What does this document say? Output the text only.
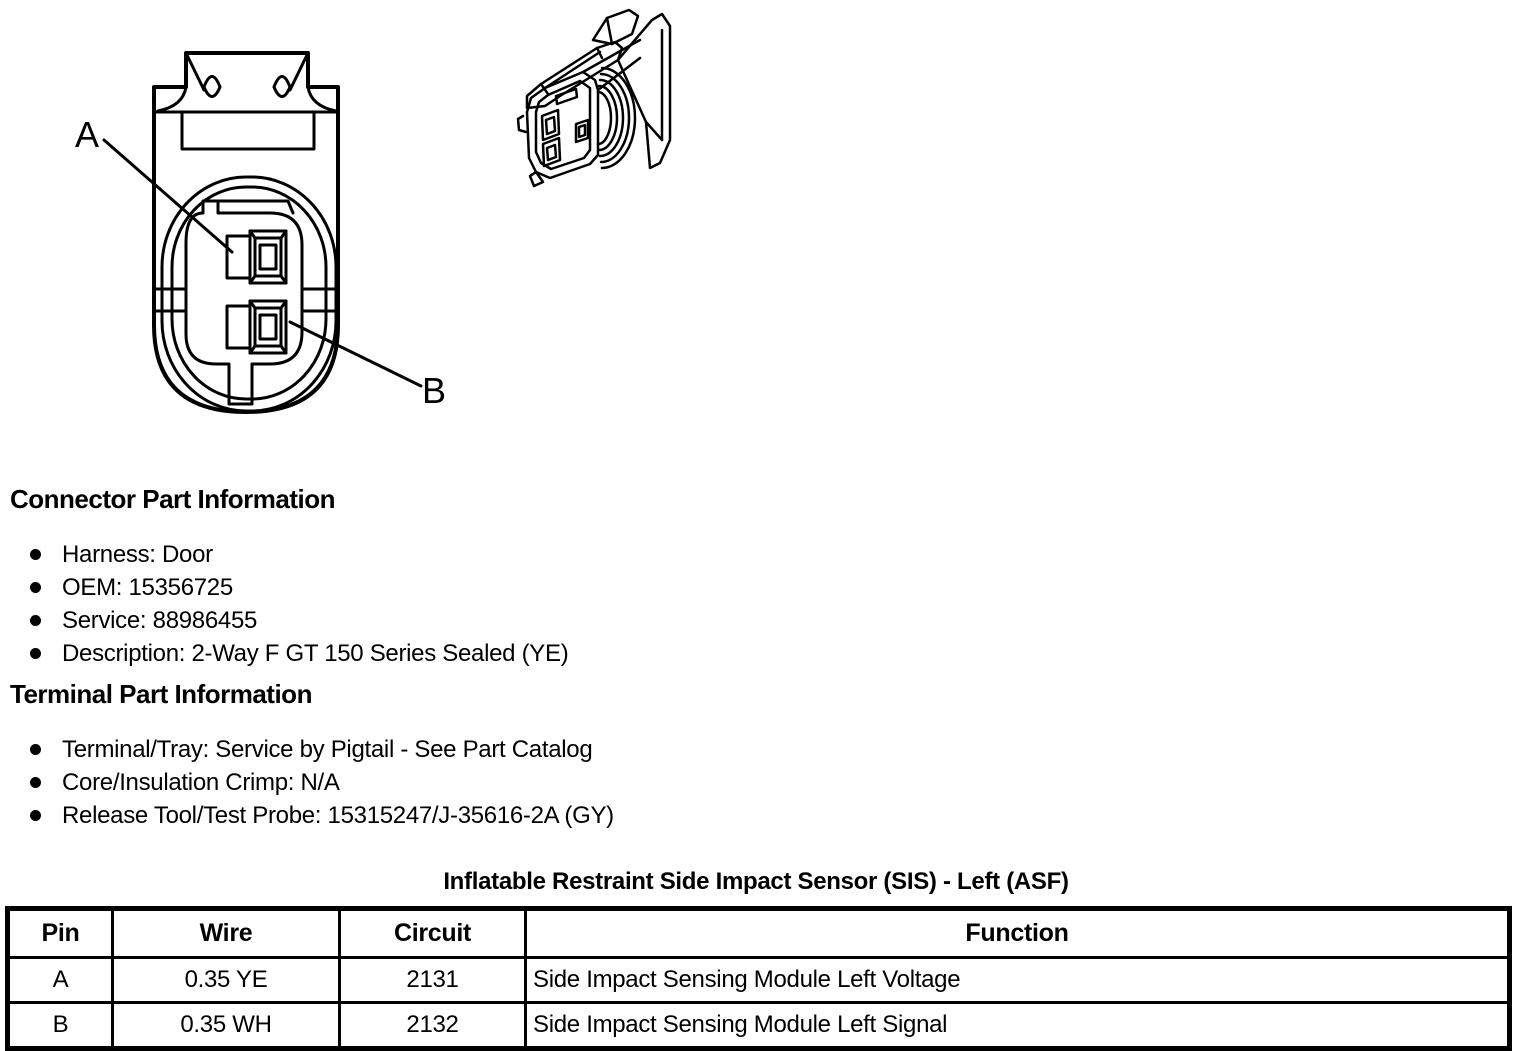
A
B
Connector Part Information
Harness: Door
OEM: 15356725
Service: 88986455
Description: 2-Way F GT 150 Series Sealed (YE)
Terminal Part Information
Terminal/Tray: Service by Pigtail - See Part Catalog
Core/Insulation Crimp: N/A
Release Tool/Test Probe: 15315247/J-35616-2A (GY)
Inflatable Restraint Side Impact Sensor (SIS) - Left (ASF)
Pin	Wire	Circuit	Function
A	0.35 YE	2131	Side Impact Sensing Module Left Voltage
B	0.35 WH	2132	Side Impact Sensing Module Left Signal
